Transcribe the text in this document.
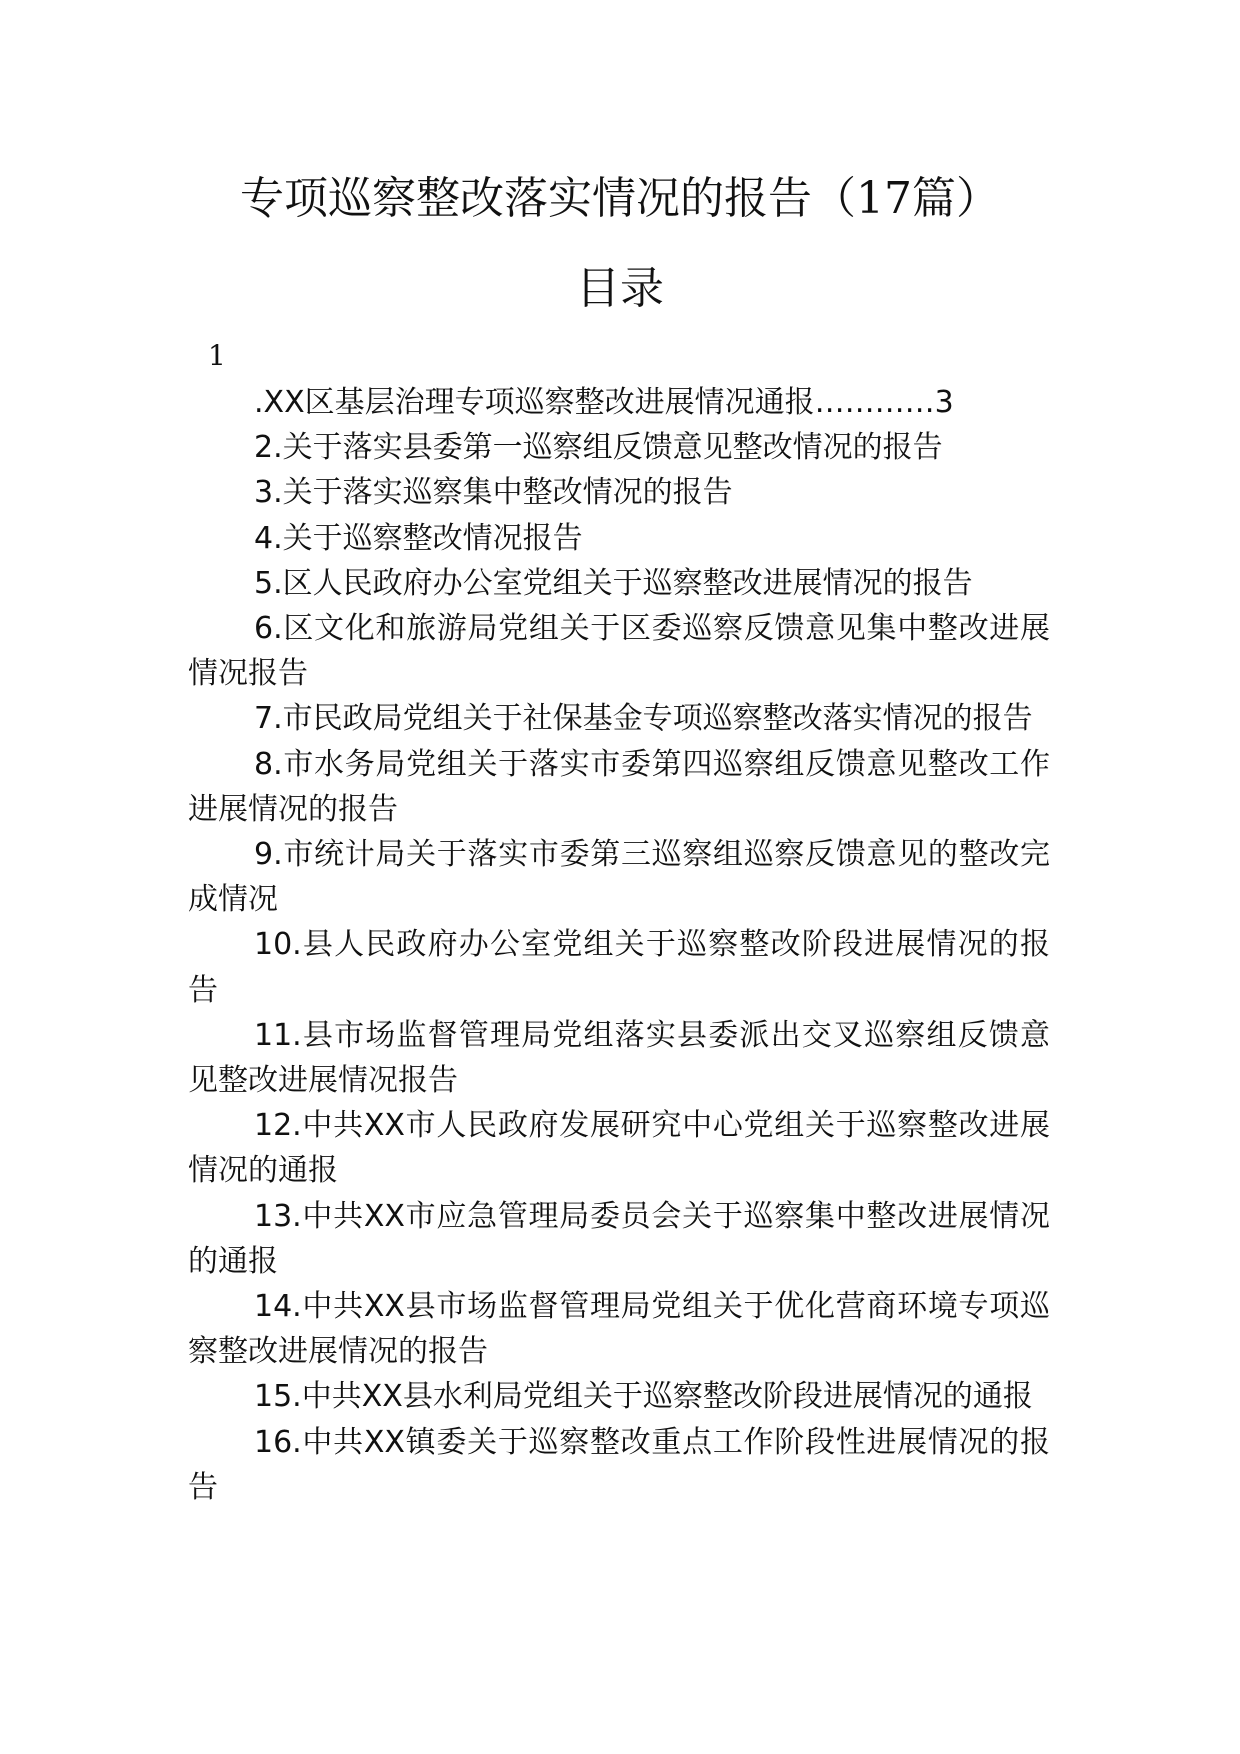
专项巡察整改落实情况的报告（17篇）
目录
1
.XX区基层治理专项巡察整改进展情况通报…………3
2.关于落实县委第一巡察组反馈意见整改情况的报告
3.关于落实巡察集中整改情况的报告
4.关于巡察整改情况报告
5.区人民政府办公室党组关于巡察整改进展情况的报告
6.区文化和旅游局党组关于区委巡察反馈意见集中整改进展情况报告
7.市民政局党组关于社保基金专项巡察整改落实情况的报告
8.市水务局党组关于落实市委第四巡察组反馈意见整改工作进展情况的报告
9.市统计局关于落实市委第三巡察组巡察反馈意见的整改完成情况
10.县人民政府办公室党组关于巡察整改阶段进展情况的报告
11.县市场监督管理局党组落实县委派出交叉巡察组反馈意见整改进展情况报告
12.中共XX市人民政府发展研究中心党组关于巡察整改进展情况的通报
13.中共XX市应急管理局委员会关于巡察集中整改进展情况的通报
14.中共XX县市场监督管理局党组关于优化营商环境专项巡察整改进展情况的报告
15.中共XX县水利局党组关于巡察整改阶段进展情况的通报
16.中共XX镇委关于巡察整改重点工作阶段性进展情况的报告
